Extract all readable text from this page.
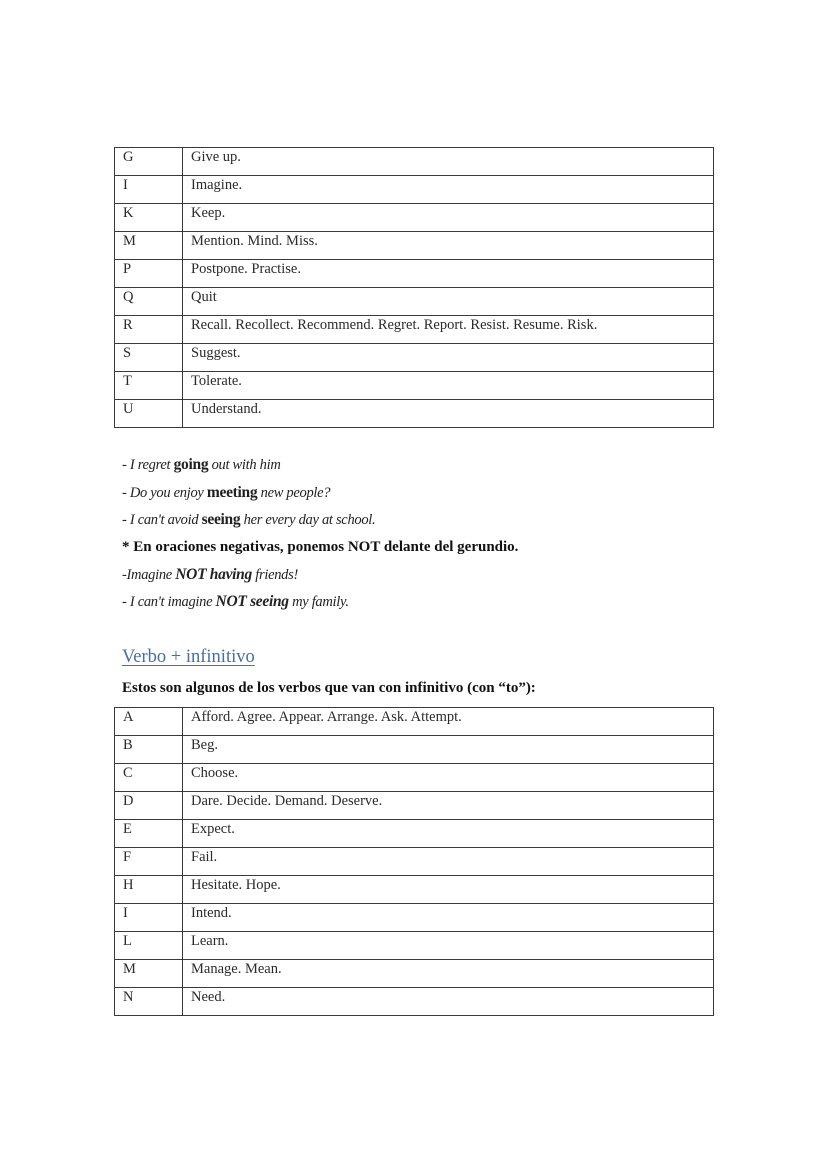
G	Give up.
I	Imagine.
K	Keep.
M	Mention. Mind. Miss.
P	Postpone. Practise.
Q	Quit
R	Recall. Recollect. Recommend. Regret. Report. Resist. Resume. Risk.
S	Suggest.
T	Tolerate.
U	Understand.
- I regret going out with him
- Do you enjoy meeting new people?
- I can't avoid seeing her every day at school.
* En oraciones negativas, ponemos NOT delante del gerundio.
-Imagine NOT having friends!
- I can't imagine NOT seeing my family.
Verbo + infinitivo
Estos son algunos de los verbos que van con infinitivo (con “to”):
A	Afford. Agree. Appear. Arrange. Ask. Attempt.
B	Beg.
C	Choose.
D	Dare. Decide. Demand. Deserve.
E	Expect.
F	Fail.
H	Hesitate. Hope.
I	Intend.
L	Learn.
M	Manage. Mean.
N	Need.
